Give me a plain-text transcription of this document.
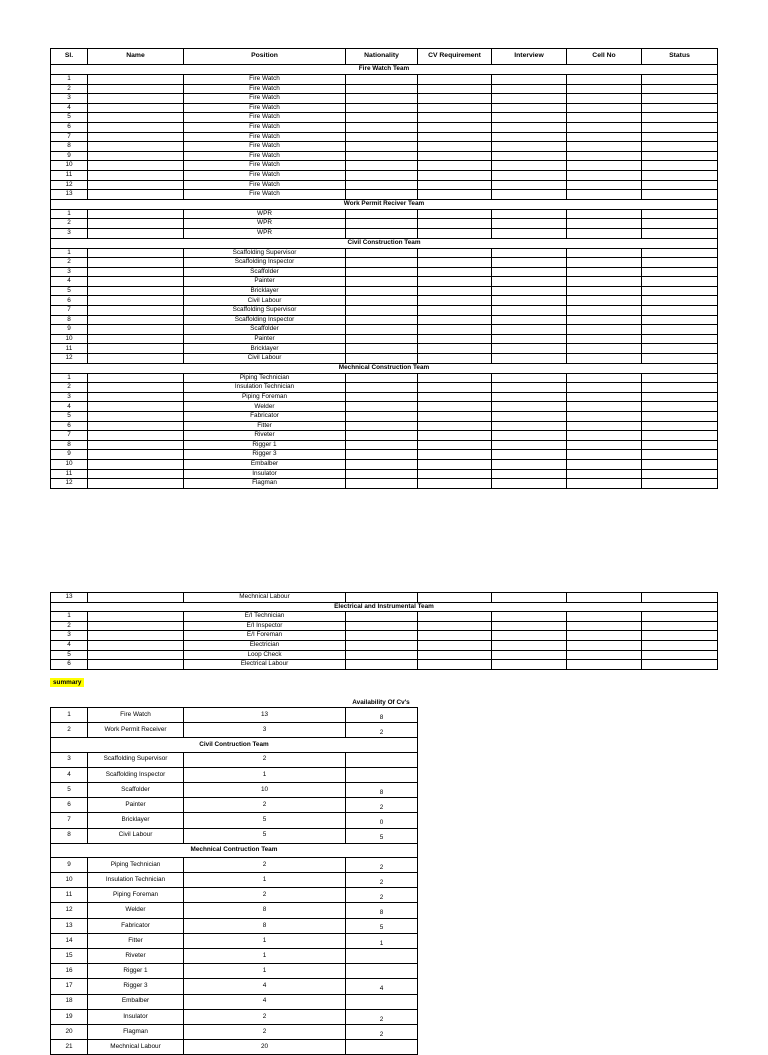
Sl.	Name	Position	Nationality	CV Requirement	Interview	Cell No	Status
Fire Watch Team							
1		Fire Watch					
2		Fire Watch					
3		Fire Watch					
4		Fire Watch					
5		Fire Watch					
6		Fire Watch					
7		Fire Watch					
8		Fire Watch					
9		Fire Watch					
10		Fire Watch					
11		Fire Watch					
12		Fire Watch					
13		Fire Watch					
Work Permit Reciver Team							
1		WPR					
2		WPR					
3		WPR					
Civil Construction Team							
1		Scaffolding Supervisor					
2		Scaffolding Inspector					
3		Scaffolder					
4		Painter					
5		Bricklayer					
6		Civil Labour					
7		Scaffolding Supervisor					
8		Scaffolding Inspector					
9		Scaffolder					
10		Painter					
11		Bricklayer					
12		Civil Labour					
Mechnical Construction Team							
1		Piping Technician					
2		Insulation Technician					
3		Piping Foreman					
4		Welder					
5		Fabricator					
6		Fitter					
7		Riveter					
8		Rigger 1					
9		Rigger 3					
10		Embalber					
11		Insulator					
12		Flagman					
13		Mechnical Labour					
Electrical and Instrumental Team							
1		E/I Technician					
2		E/I Inspector					
3		E/I Foreman					
4		Electrician					
5		Loop Check					
6		Electrical Labour					
summary
Availability Of Cv's
1	Fire Watch	13	8
2	Work Permit Receiver	3	2
Civil Contruction Team			
3	Scaffolding Supervisor	2	
4	Scaffolding Inspector	1	
5	Scaffolder	10	8
6	Painter	2	2
7	Bricklayer	5	0
8	Civil Labour	5	5
Mechnical Contruction Team			
9	Piping Technician	2	2
10	Insulation Technician	1	2
11	Piping Foreman	2	2
12	Welder	8	8
13	Fabricator	8	5
14	Fitter	1	1
15	Riveter	1	
16	Rigger 1	1	
17	Rigger 3	4	4
18	Embalber	4	
19	Insulator	2	2
20	Flagman	2	2
21	Mechnical Labour	20	
